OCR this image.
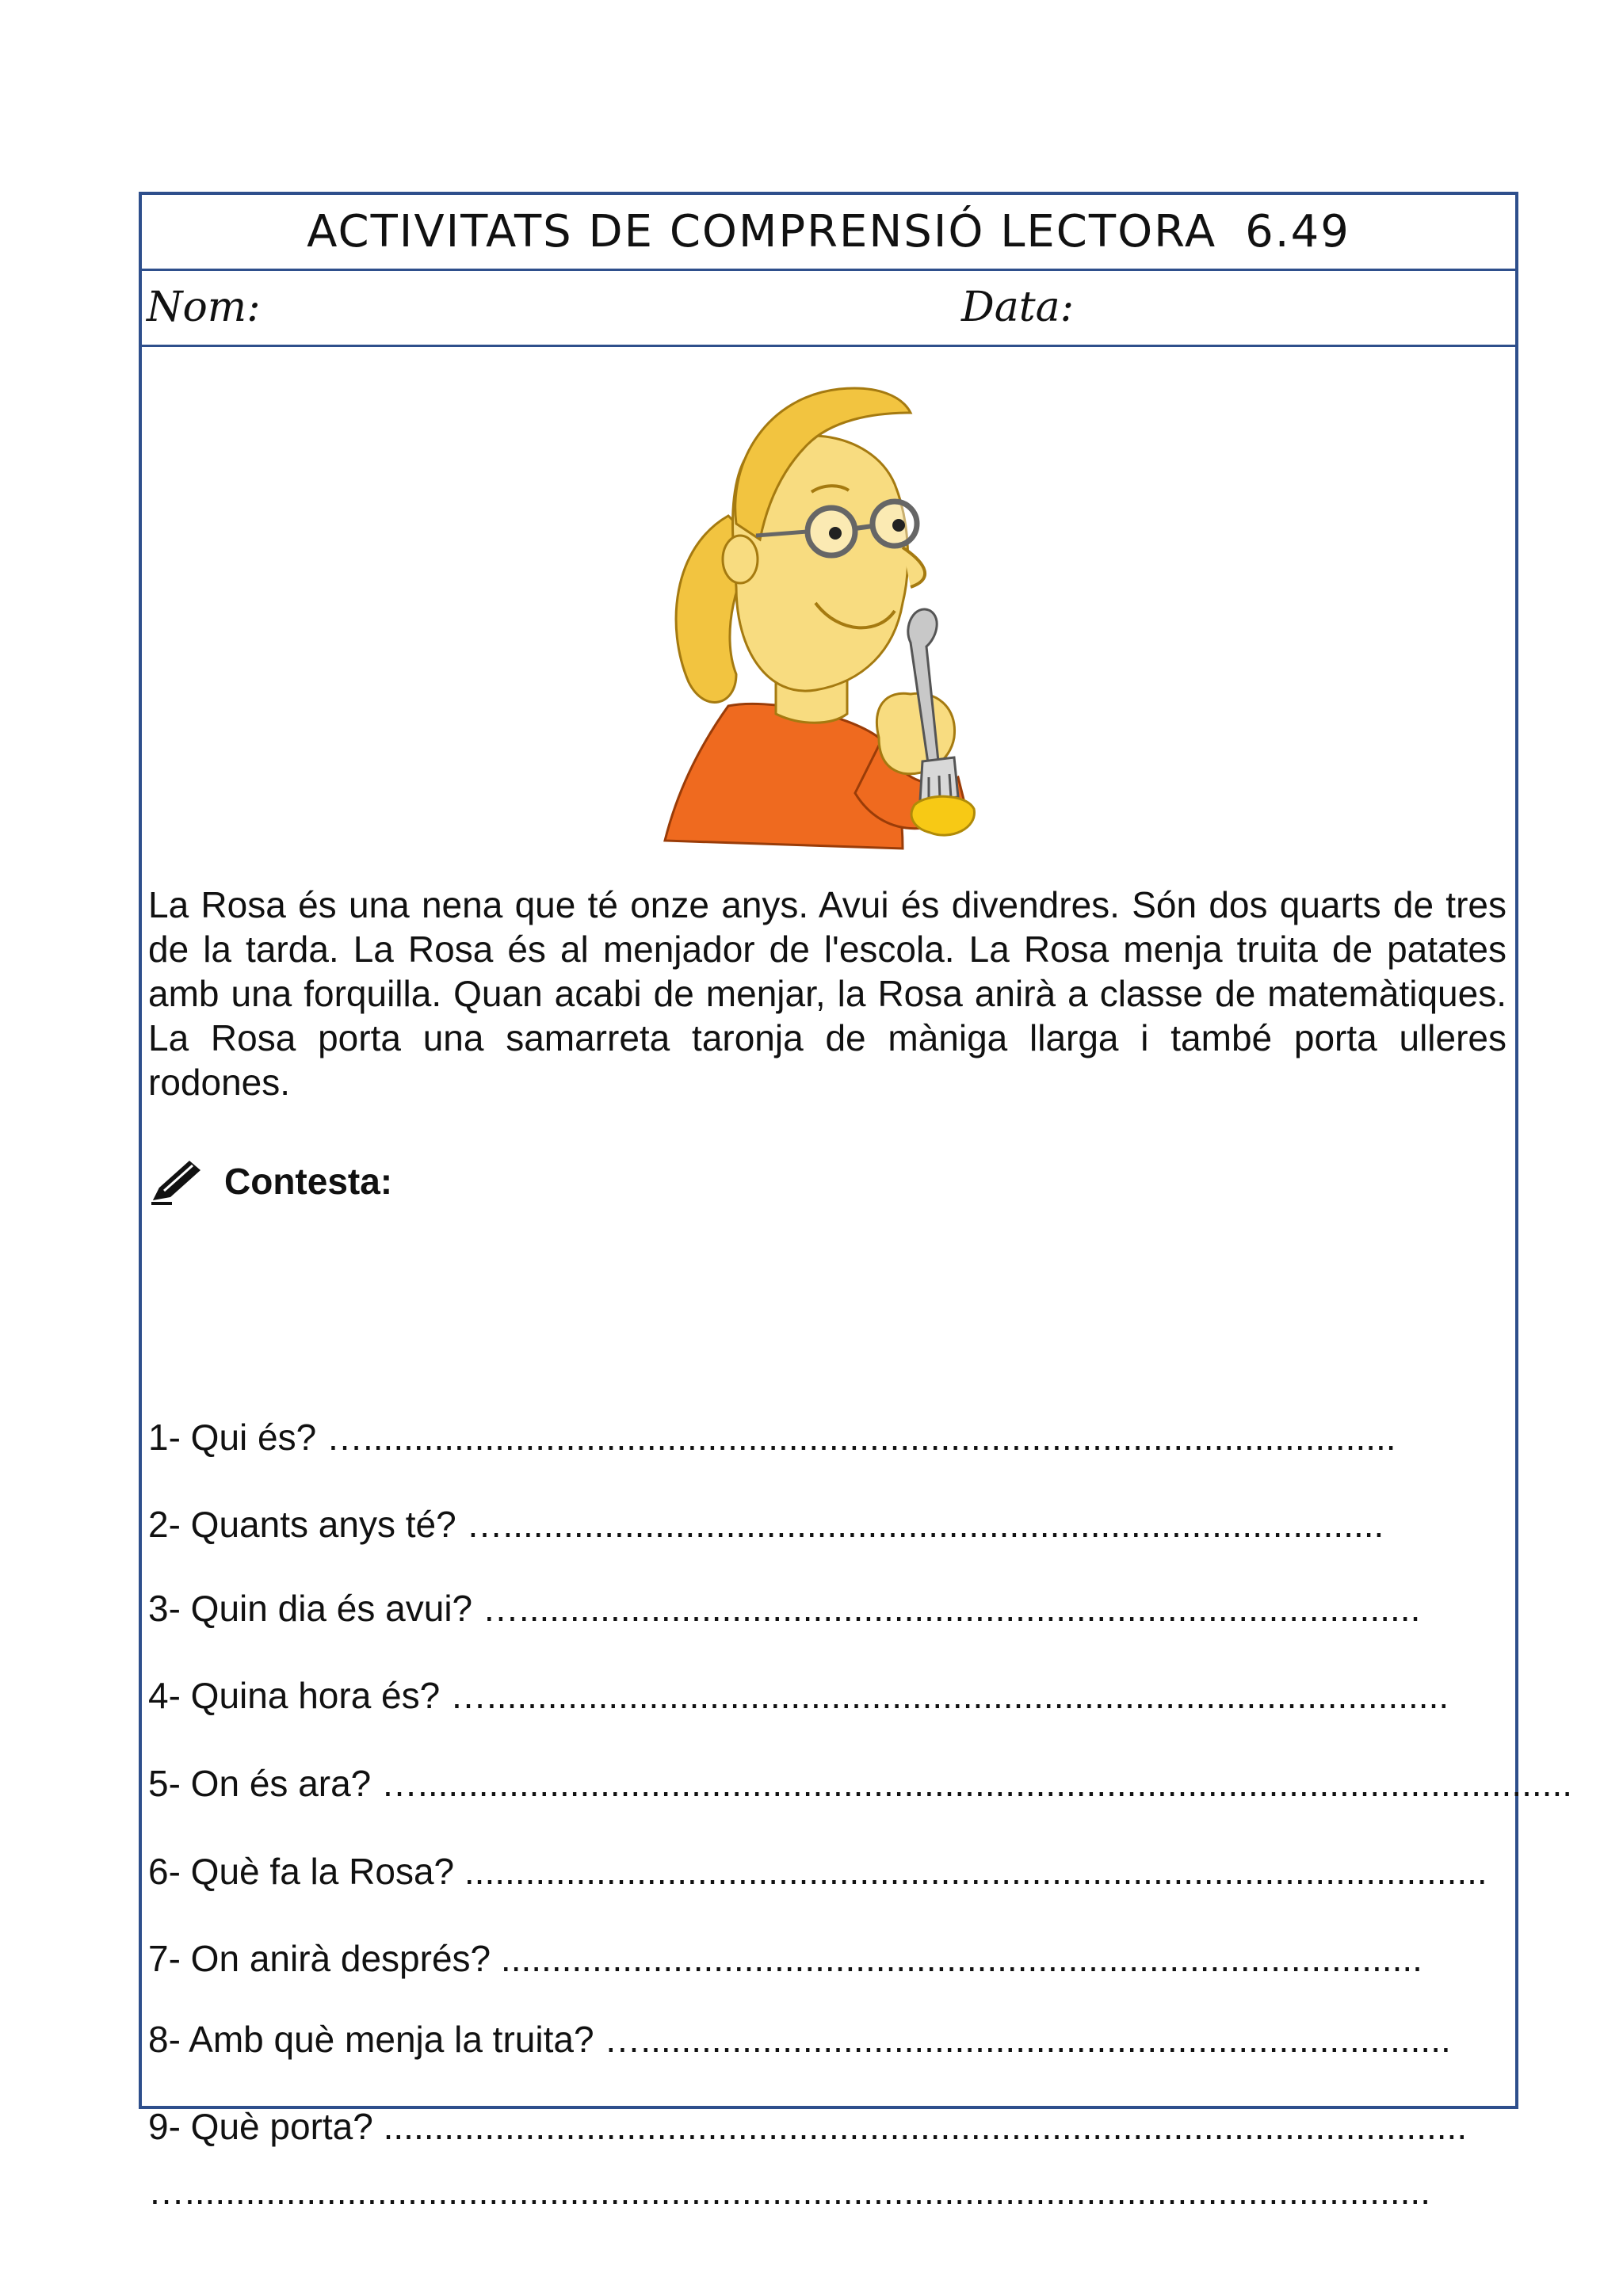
ACTIVITATS DE COMPRENSIÓ LECTORA 6.49
Nom:	Data:
La Rosa és una nena que té onze anys. Avui és divendres. Són dos quarts de tres de la tarda. La Rosa és al menjador de l'escola. La Rosa menja truita de patates amb una forquilla. Quan acabi de menjar, la Rosa anirà a classe de matemàtiques. La Rosa porta una samarreta taronja de màniga llarga i també porta ulleres rodones.
Contesta:
1- Qui és? …......................................................................................................
2- Quants anys té? ….......................................................................................
3- Quin dia és avui? ….........................................................................................
4- Quina hora és? …...............................................................................................
5- On és ara? …..................................................................................................................
6- Què fa la Rosa? .....................................................................................................
7- On anirà després? ...........................................................................................
8- Amb què menja la truita? …................................................................................
9- Què porta? ...........................................................................................................
…...........................................................................................................................
